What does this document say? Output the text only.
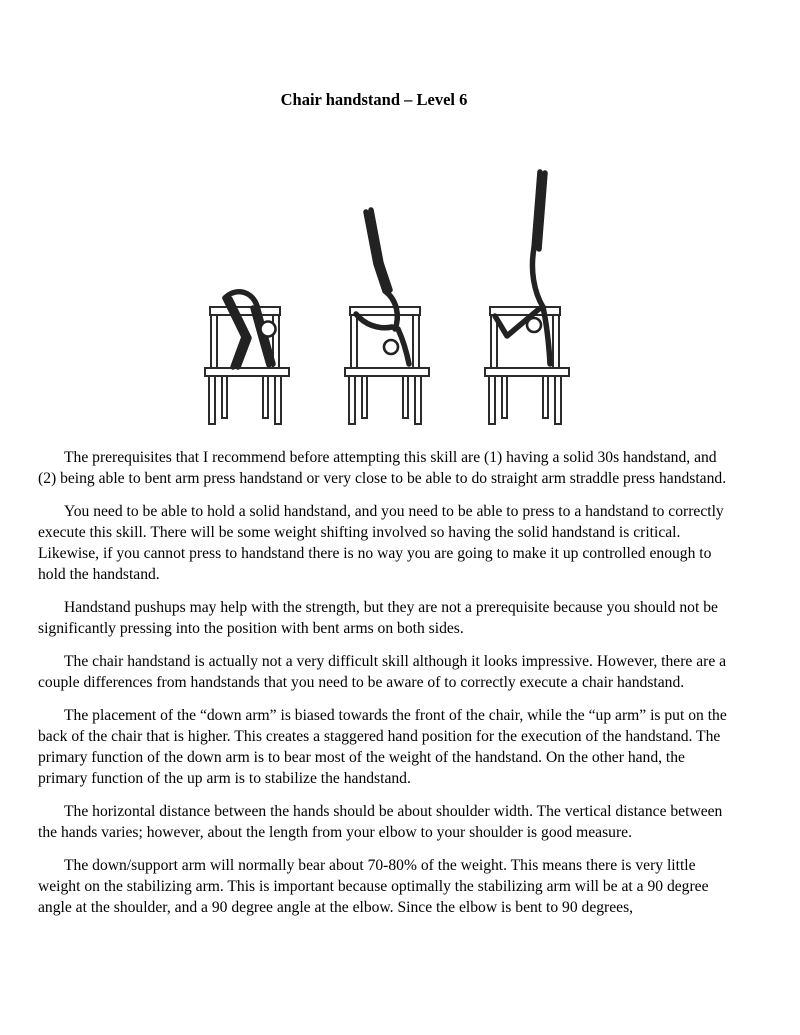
Chair handstand – Level 6

The prerequisites that I recommend before attempting this skill are (1) having a solid 30s handstand, and (2) being able to bent arm press handstand or very close to be able to do straight arm straddle press handstand.

You need to be able to hold a solid handstand, and you need to be able to press to a handstand to correctly execute this skill. There will be some weight shifting involved so having the solid handstand is critical. Likewise, if you cannot press to handstand there is no way you are going to make it up controlled enough to hold the handstand.

Handstand pushups may help with the strength, but they are not a prerequisite because you should not be significantly pressing into the position with bent arms on both sides.

The chair handstand is actually not a very difficult skill although it looks impressive. However, there are a couple differences from handstands that you need to be aware of to correctly execute a chair handstand.

The placement of the “down arm” is biased towards the front of the chair, while the “up arm” is put on the back of the chair that is higher. This creates a staggered hand position for the execution of the handstand. The primary function of the down arm is to bear most of the weight of the handstand. On the other hand, the primary function of the up arm is to stabilize the handstand.

The horizontal distance between the hands should be about shoulder width. The vertical distance between the hands varies; however, about the length from your elbow to your shoulder is good measure.

The down/support arm will normally bear about 70-80% of the weight. This means there is very little weight on the stabilizing arm. This is important because optimally the stabilizing arm will be at a 90 degree angle at the shoulder, and a 90 degree angle at the elbow. Since the elbow is bent to 90 degrees,
